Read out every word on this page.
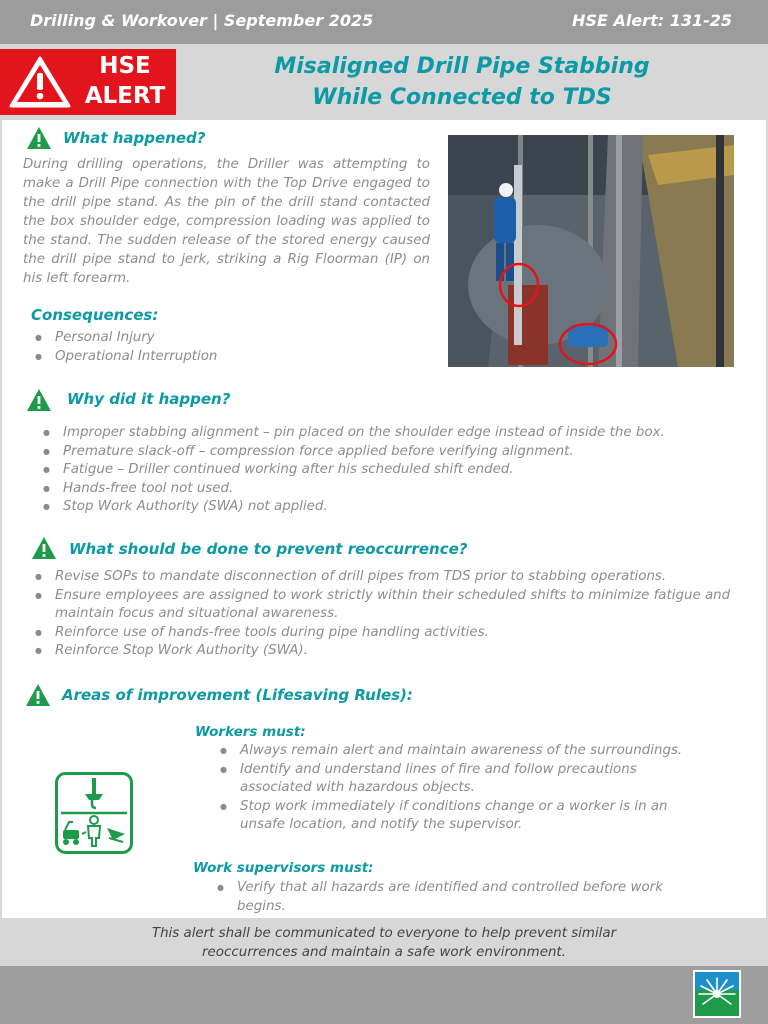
Drilling & Workover | September 2025	HSE Alert: 131-25
HSE
ALERT
Misaligned Drill Pipe Stabbing
While Connected to TDS
What happened?
During drilling operations, the Driller was attempting to make a Drill Pipe connection with the Top Drive engaged to the drill pipe stand. As the pin of the drill stand contacted the box shoulder edge, compression loading was applied to the stand. The sudden release of the stored energy caused the drill pipe stand to jerk, striking a Rig Floorman (IP) on his left forearm.
Consequences:
● Personal Injury
● Operational Interruption
Why did it happen?
● Improper stabbing alignment – pin placed on the shoulder edge instead of inside the box.
● Premature slack-off – compression force applied before verifying alignment.
● Fatigue – Driller continued working after his scheduled shift ended.
● Hands-free tool not used.
● Stop Work Authority (SWA) not applied.
What should be done to prevent reoccurrence?
● Revise SOPs to mandate disconnection of drill pipes from TDS prior to stabbing operations.
● Ensure employees are assigned to work strictly within their scheduled shifts to minimize fatigue and maintain focus and situational awareness.
● Reinforce use of hands-free tools during pipe handling activities.
● Reinforce Stop Work Authority (SWA).
Areas of improvement (Lifesaving Rules):
Workers must:
● Always remain alert and maintain awareness of the surroundings.
● Identify and understand lines of fire and follow precautions associated with hazardous objects.
● Stop work immediately if conditions change or a worker is in an unsafe location, and notify the supervisor.
Work supervisors must:
● Verify that all hazards are identified and controlled before work begins.
This alert shall be communicated to everyone to help prevent similar reoccurrences and maintain a safe work environment.
